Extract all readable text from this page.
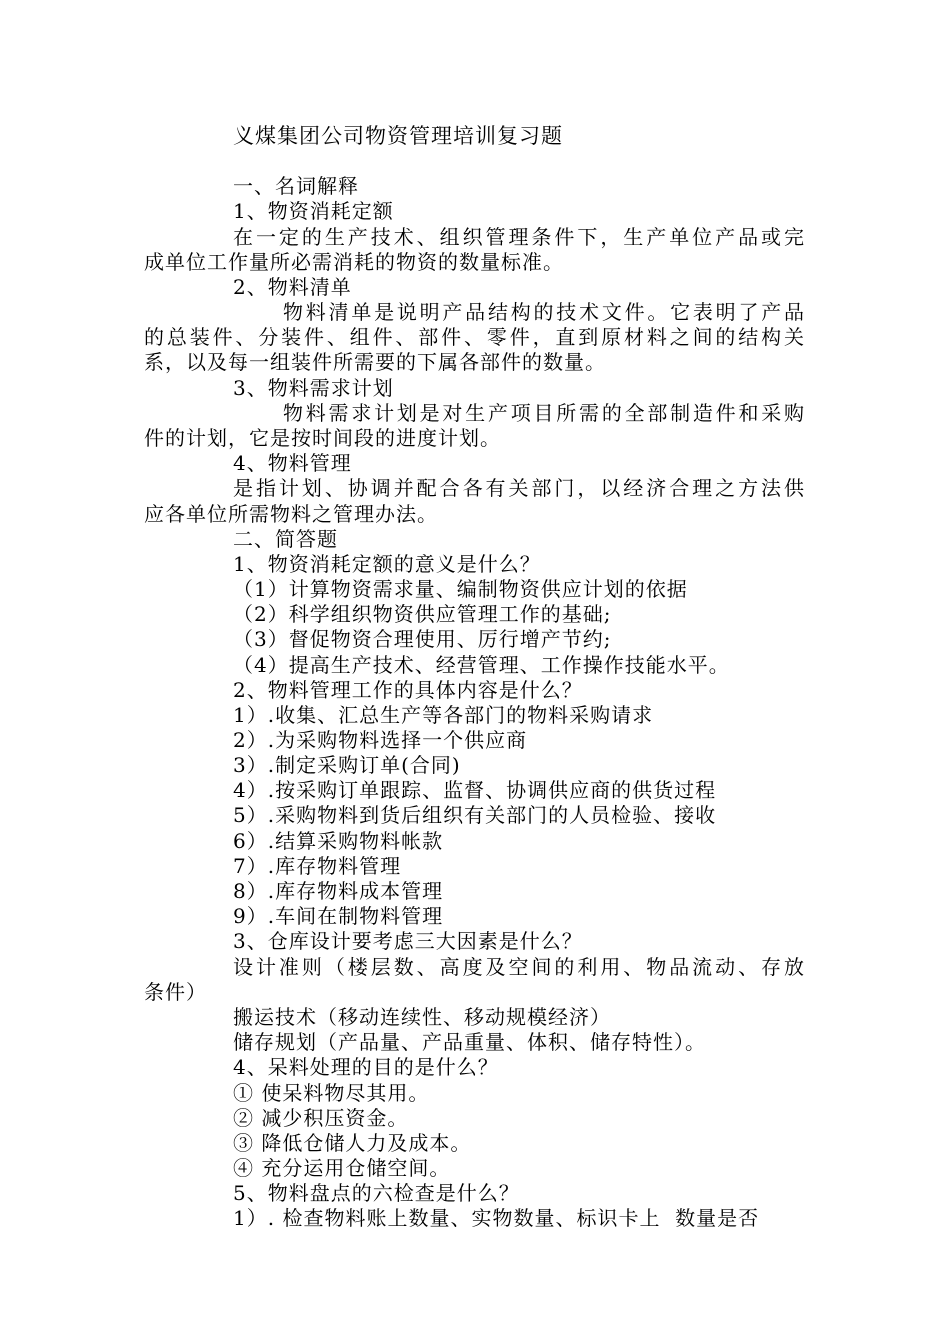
义煤集团公司物资管理培训复习题
一、名词解释
1、物资消耗定额
在一定的生产技术、组织管理条件下，生产单位产品或完
成单位工作量所必需消耗的物资的数量标准。
2、物料清单
物料清单是说明产品结构的技术文件。它表明了产品
的总装件、分装件、组件、部件、零件，直到原材料之间的结构关
系，以及每一组装件所需要的下属各部件的数量。
3、物料需求计划
物料需求计划是对生产项目所需的全部制造件和采购
件的计划，它是按时间段的进度计划。
4、物料管理
是指计划、协调并配合各有关部门，以经济合理之方法供
应各单位所需物料之管理办法。
二、简答题
1、物资消耗定额的意义是什么？
（1）计算物资需求量、编制物资供应计划的依据
（2）科学组织物资供应管理工作的基础;
（3）督促物资合理使用、厉行增产节约;
（4）提高生产技术、经营管理、工作操作技能水平。
2、物料管理工作的具体内容是什么？
1）.收集、汇总生产等各部门的物料采购请求
2）.为采购物料选择一个供应商
3）.制定采购订单(合同)
4）.按采购订单跟踪、监督、协调供应商的供货过程
5）.采购物料到货后组织有关部门的人员检验、接收
6）.结算采购物料帐款
7）.库存物料管理
8）.库存物料成本管理
9）.车间在制物料管理
3、仓库设计要考虑三大因素是什么？
设计准则（楼层数、高度及空间的利用、物品流动、存放
条件）
搬运技术（移动连续性、移动规模经济）
储存规划（产品量、产品重量、体积、储存特性）。
4、呆料处理的目的是什么？
① 使呆料物尽其用。
② 减少积压资金。
③ 降低仓储人力及成本。
④ 充分运用仓储空间。
5、物料盘点的六检查是什么？
1）. 检查物料账上数量、实物数量、标识卡上  数量是否
